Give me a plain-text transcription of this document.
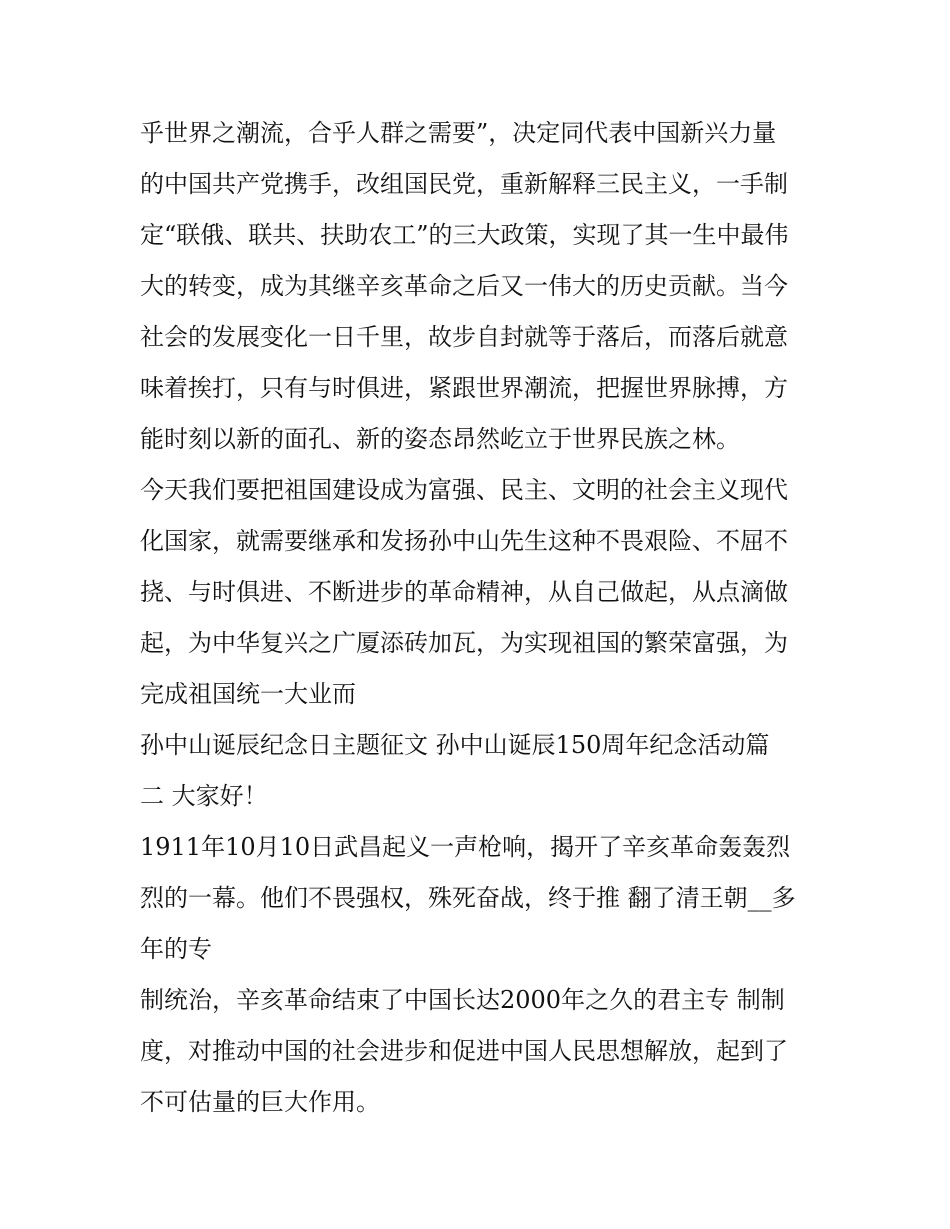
乎世界之潮流，合乎人群之需要”，决定同代表中国新兴力量
的中国共产党携手，改组国民党，重新解释三民主义，一手制
定“联俄、联共、扶助农工”的三大政策，实现了其一生中最伟
大的转变，成为其继辛亥革命之后又一伟大的历史贡献。当今
社会的发展变化一日千里，故步自封就等于落后，而落后就意
味着挨打，只有与时俱进，紧跟世界潮流，把握世界脉搏，方
能时刻以新的面孔、新的姿态昂然屹立于世界民族之林。
今天我们要把祖国建设成为富强、民主、文明的社会主义现代
化国家，就需要继承和发扬孙中山先生这种不畏艰险、不屈不
挠、与时俱进、不断进步的革命精神，从自己做起，从点滴做
起，为中华复兴之广厦添砖加瓦，为实现祖国的繁荣富强，为
完成祖国统一大业而
孙中山诞辰纪念日主题征文 孙中山诞辰150周年纪念活动篇
二 大家好！
1911年10月10日武昌起义一声枪响，揭开了辛亥革命轰轰烈
烈的一幕。他们不畏强权，殊死奋战，终于推 翻了清王朝__多
年的专
制统治，辛亥革命结束了中国长达2000年之久的君主专 制制
度，对推动中国的社会进步和促进中国人民思想解放，起到了
不可估量的巨大作用。
